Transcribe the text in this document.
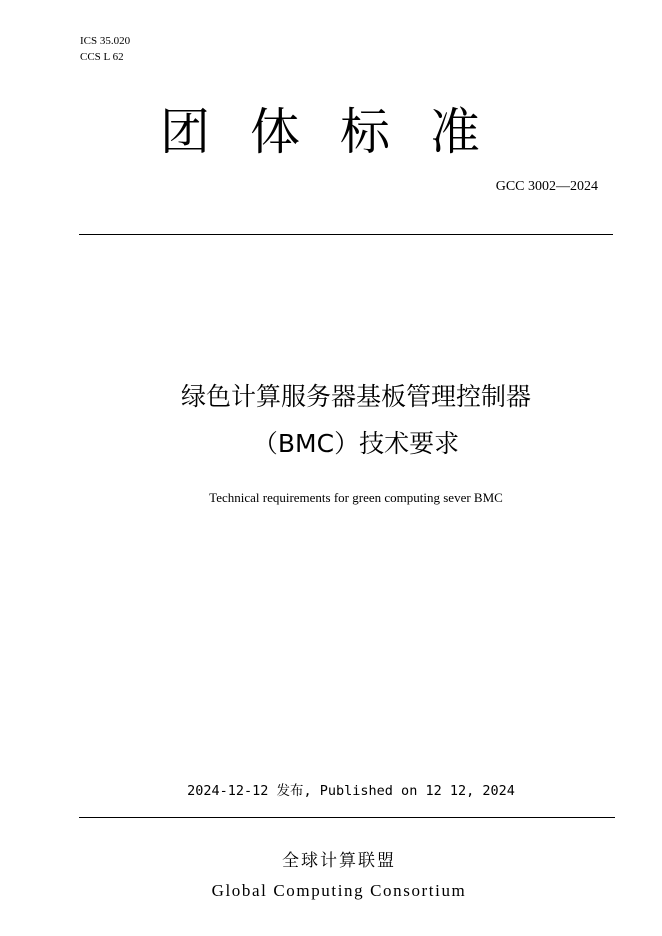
ICS 35.020
CCS L 62
团体标准
GCC 3002—2024
绿色计算服务器基板管理控制器
（BMC）技术要求
Technical requirements for green computing sever BMC
2024-12-12 发布, Published on 12 12, 2024
全球计算联盟
Global Computing Consortium
